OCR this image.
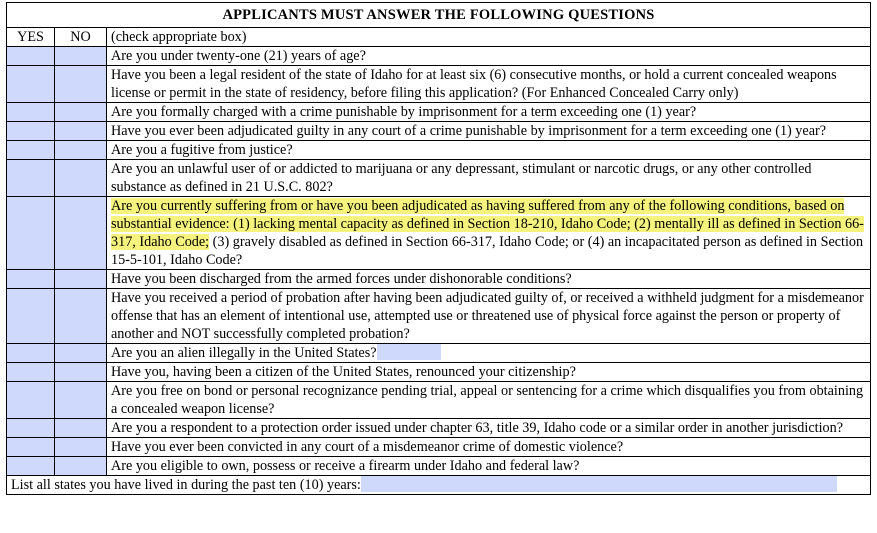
APPLICANTS MUST ANSWER THE FOLLOWING QUESTIONS		
YES	NO	(check appropriate box)
		Are you under twenty-one (21) years of age?
		Have you been a legal resident of the state of Idaho for at least six (6) consecutive months, or hold a current concealed weapons license or permit in the state of residency, before filing this application? (For Enhanced Concealed Carry only)
		Are you formally charged with a crime punishable by imprisonment for a term exceeding one (1) year?
		Have you ever been adjudicated guilty in any court of a crime punishable by imprisonment for a term exceeding one (1) year?
		Are you a fugitive from justice?
		Are you an unlawful user of or addicted to marijuana or any depressant, stimulant or narcotic drugs, or any other controlled substance as defined in 21 U.S.C. 802?
		Are you currently suffering from or have you been adjudicated as having suffered from any of the following conditions, based on substantial evidence: (1) lacking mental capacity as defined in Section 18-210, Idaho Code; (2) mentally ill as defined in Section 66-317, Idaho Code; (3) gravely disabled as defined in Section 66-317, Idaho Code; or (4) an incapacitated person as defined in Section 15-5-101, Idaho Code?
		Have you been discharged from the armed forces under dishonorable conditions?
		Have you received a period of probation after having been adjudicated guilty of, or received a withheld judgment for a misdemeanor offense that has an element of intentional use, attempted use or threatened use of physical force against the person or property of another and NOT successfully completed probation?
		Are you an alien illegally in the United States?
		Have you, having been a citizen of the United States, renounced your citizenship?
		Are you free on bond or personal recognizance pending trial, appeal or sentencing for a crime which disqualifies you from obtaining a concealed weapon license?
		Are you a respondent to a protection order issued under chapter 63, title 39, Idaho code or a similar order in another jurisdiction?
		Have you ever been convicted in any court of a misdemeanor crime of domestic violence?
		Are you eligible to own, possess or receive a firearm under Idaho and federal law?
List all states you have lived in during the past ten (10) years:		
